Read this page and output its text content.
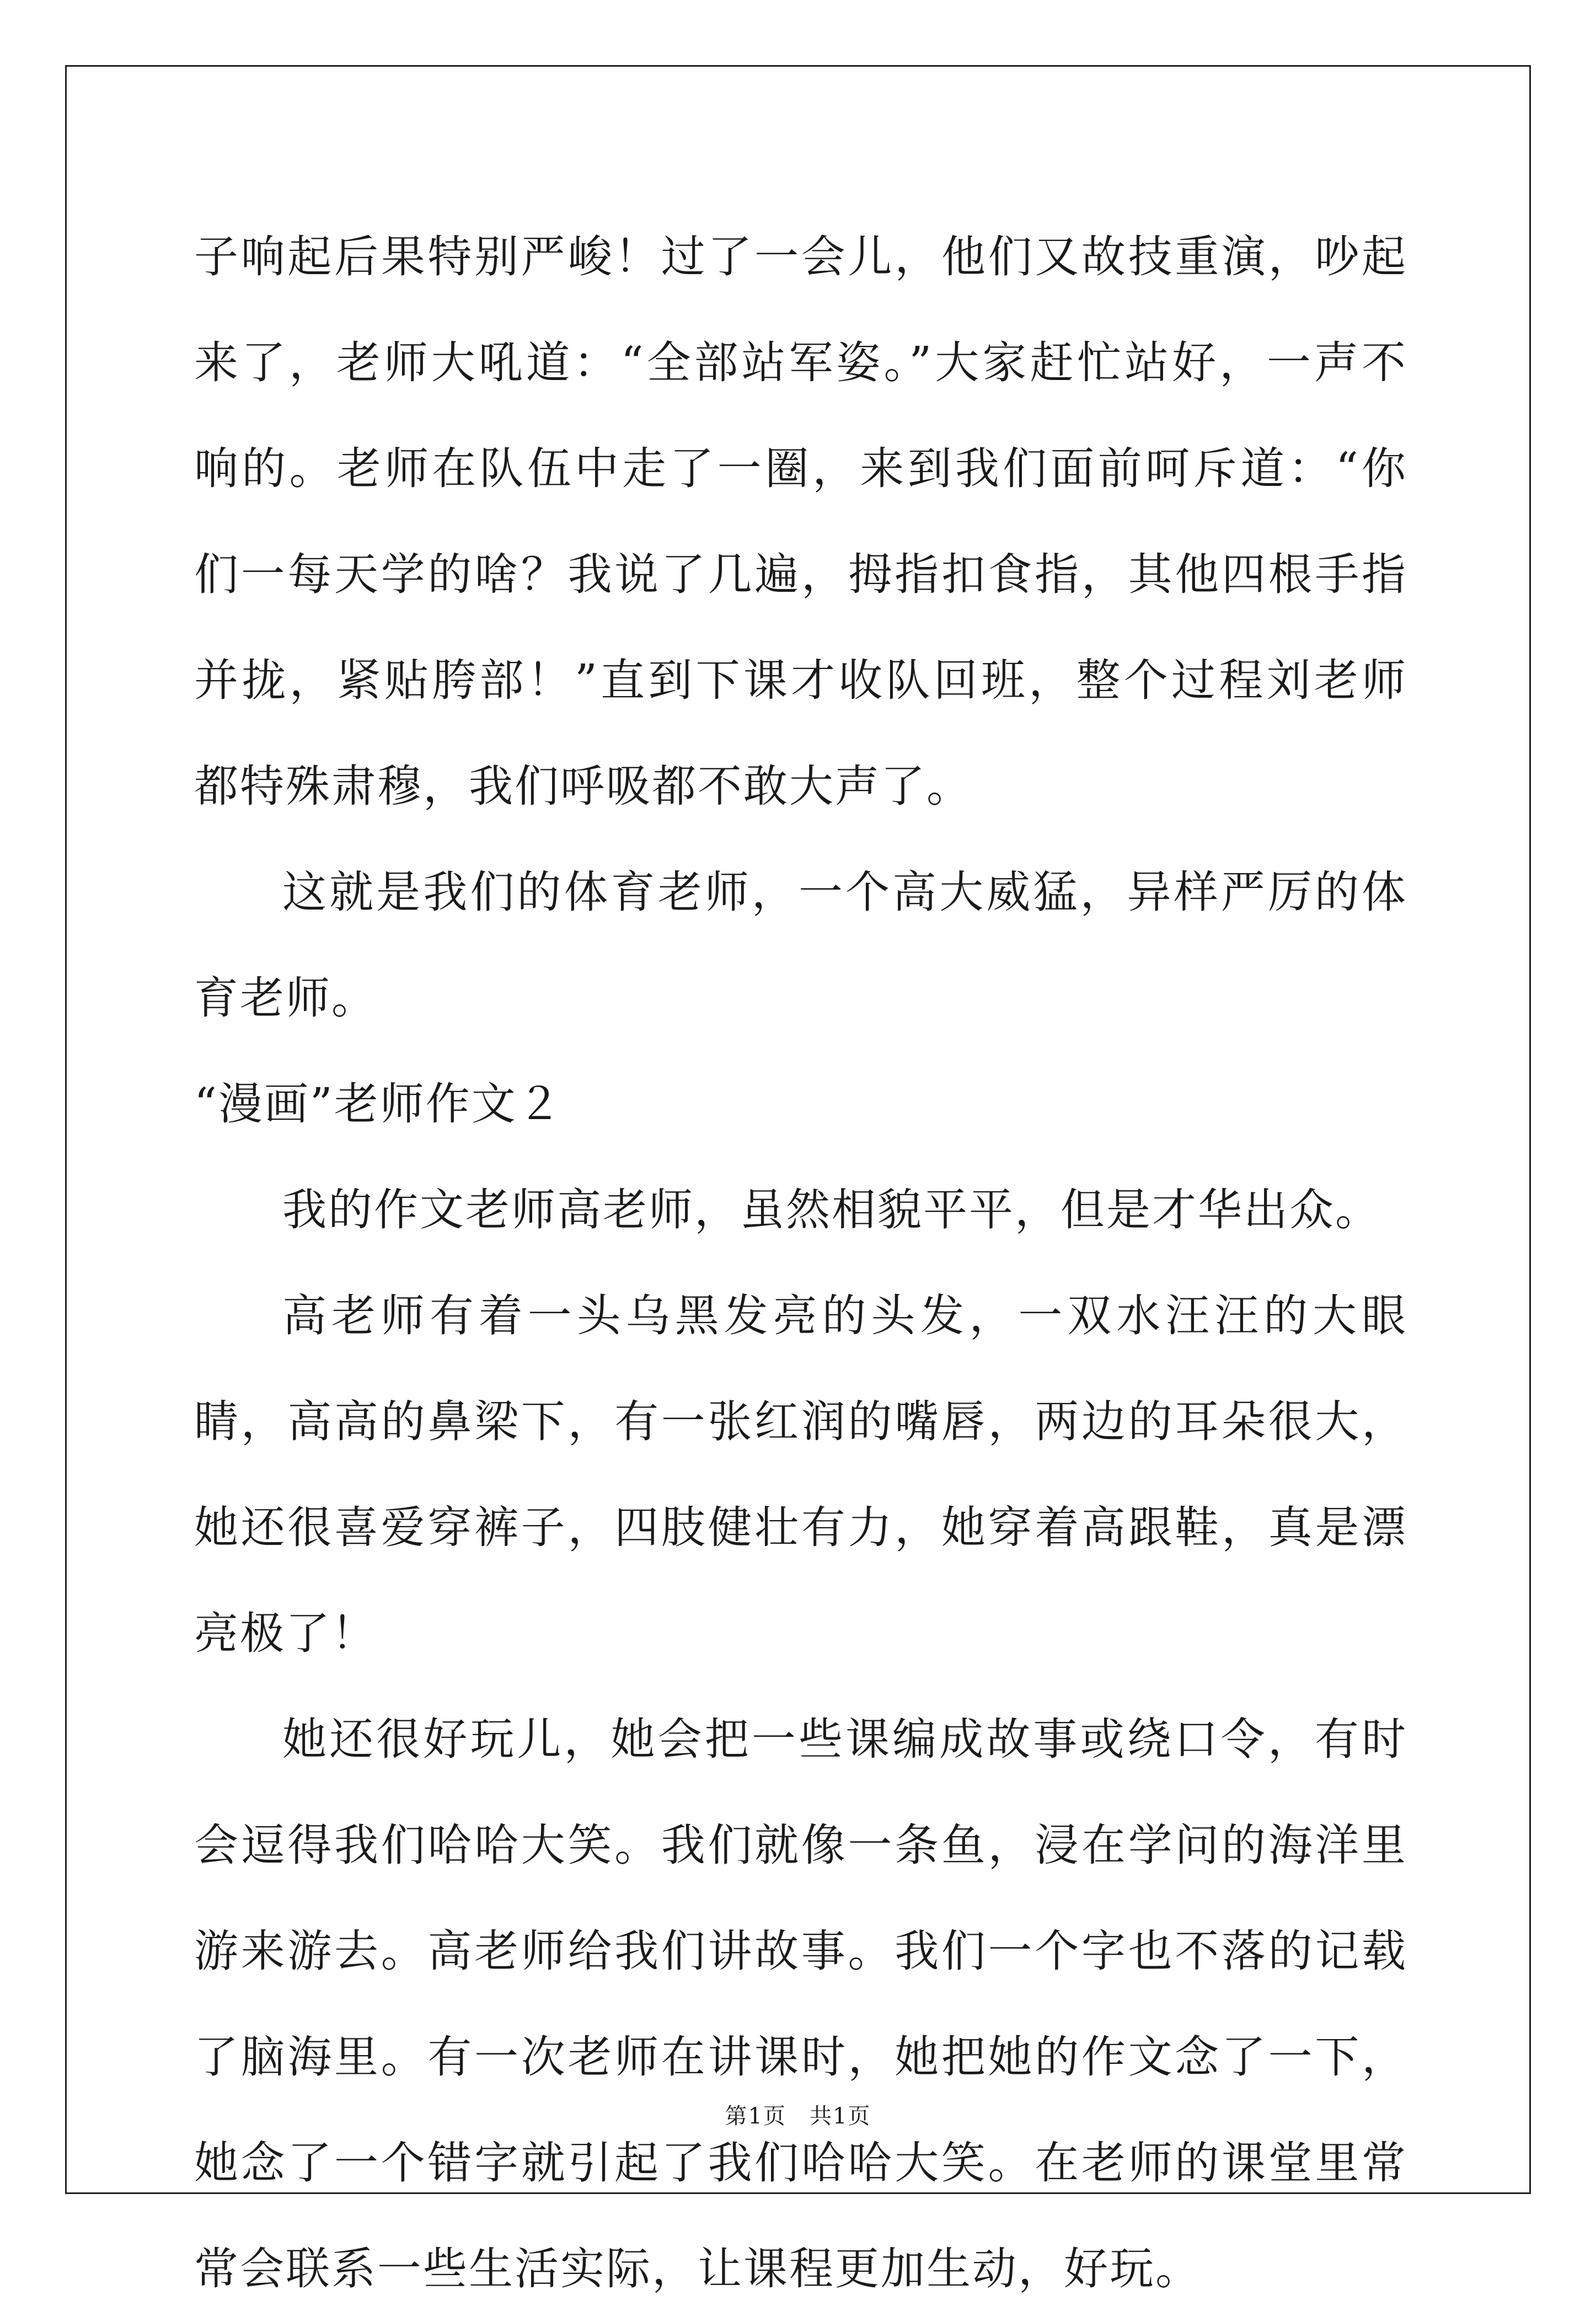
子响起后果特别严峻！过了一会儿，他们又故技重演，吵起来了，老师大吼道：“全部站军姿。”大家赶忙站好，一声不响的。老师在队伍中走了一圈，来到我们面前呵斥道：“你们一每天学的啥？我说了几遍，拇指扣食指，其他四根手指并拢，紧贴胯部！”直到下课才收队回班，整个过程刘老师都特殊肃穆，我们呼吸都不敢大声了。

这就是我们的体育老师，一个高大威猛，异样严厉的体育老师。

“漫画”老师作文２

我的作文老师高老师，虽然相貌平平，但是才华出众。

高老师有着一头乌黑发亮的头发，一双水汪汪的大眼睛，高高的鼻梁下，有一张红润的嘴唇，两边的耳朵很大，她还很喜爱穿裤子，四肢健壮有力，她穿着高跟鞋，真是漂亮极了！

她还很好玩儿，她会把一些课编成故事或绕口令，有时会逗得我们哈哈大笑。我们就像一条鱼，浸在学问的海洋里游来游去。高老师给我们讲故事。我们一个字也不落的记载了脑海里。有一次老师在讲课时，她把她的作文念了一下，她念了一个错字就引起了我们哈哈大笑。在老师的课堂里常常会联系一些生活实际，让课程更加生动，好玩。

第1页　共1页
